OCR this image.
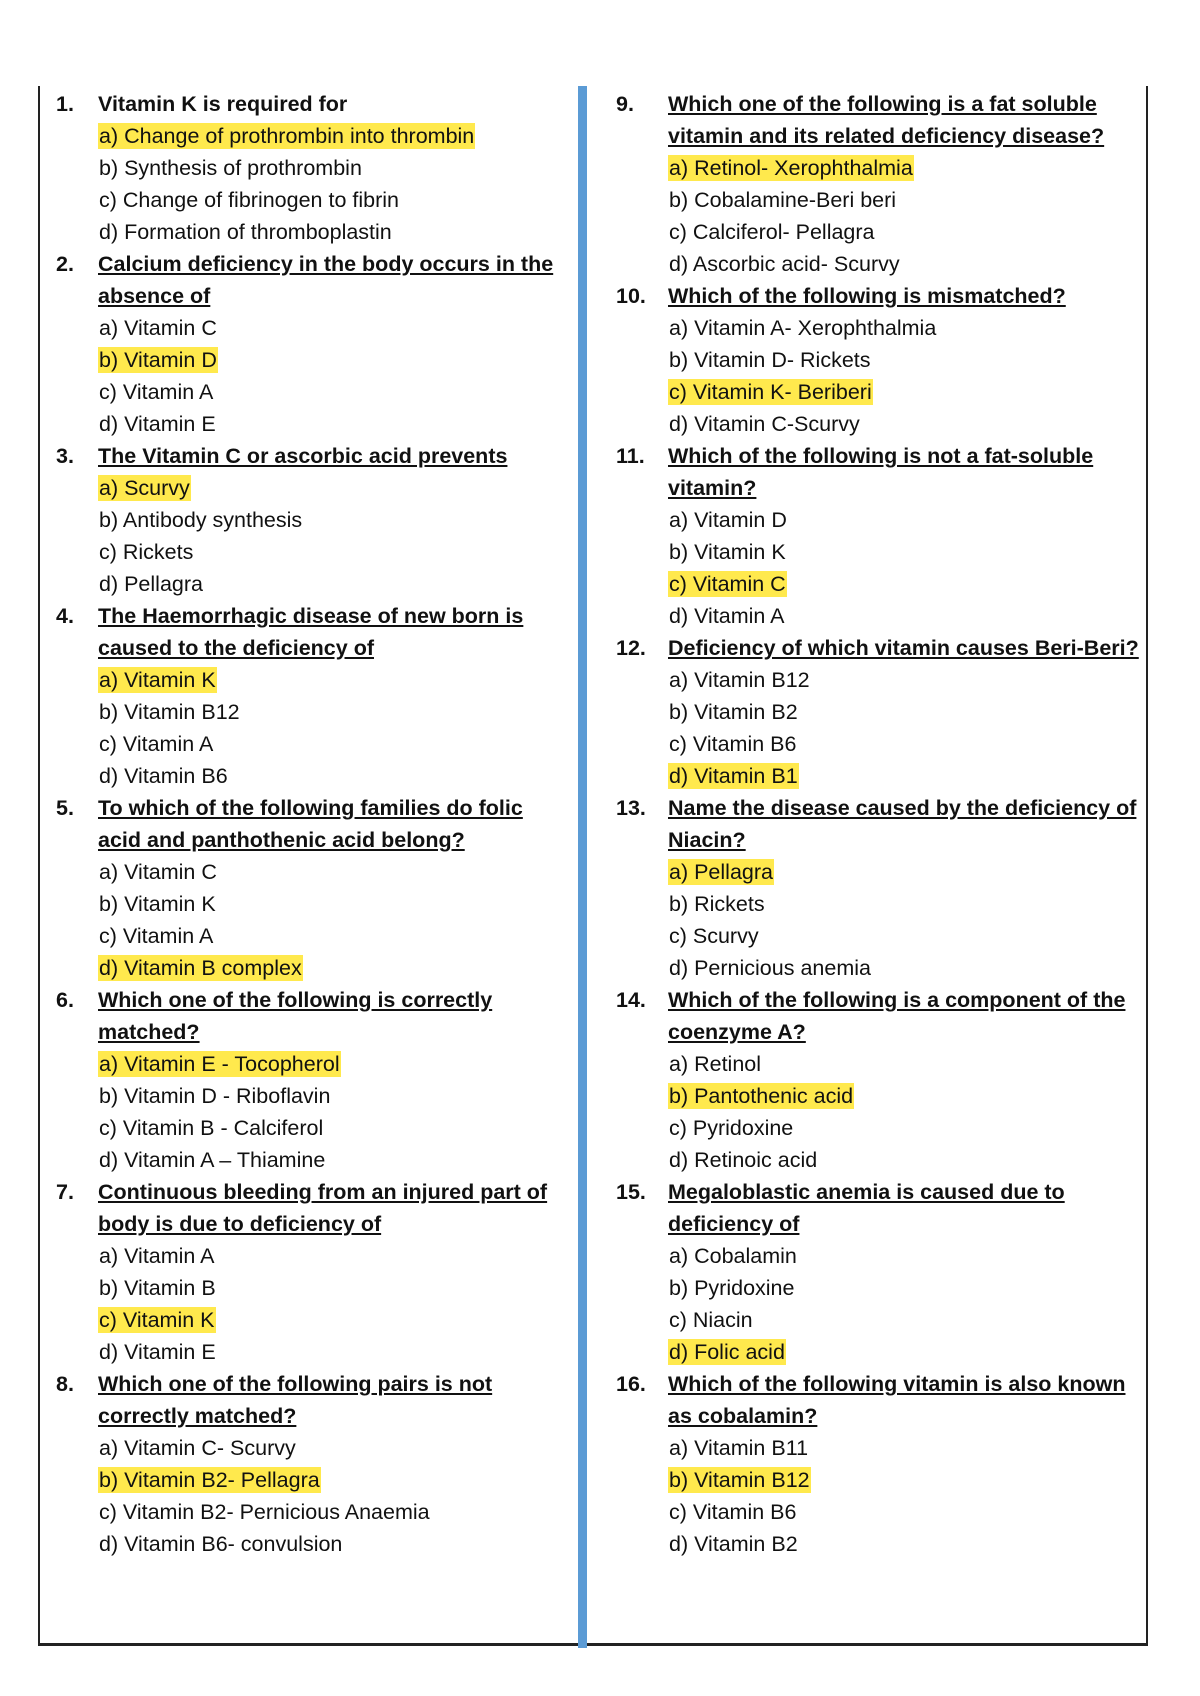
1. Vitamin K is required for
a) Change of prothrombin into thrombin
b) Synthesis of prothrombin
c) Change of fibrinogen to fibrin
d) Formation of thromboplastin
2. Calcium deficiency in the body occurs in the absence of
a) Vitamin C
b) Vitamin D
c) Vitamin A
d) Vitamin E
3. The Vitamin C or ascorbic acid prevents
a) Scurvy
b) Antibody synthesis
c) Rickets
d) Pellagra
4. The Haemorrhagic disease of new born is caused to the deficiency of
a) Vitamin K
b) Vitamin B12
c) Vitamin A
d) Vitamin B6
5. To which of the following families do folic acid and panthothenic acid belong?
a) Vitamin C
b) Vitamin K
c) Vitamin A
d) Vitamin B complex
6. Which one of the following is correctly matched?
a) Vitamin E - Tocopherol
b) Vitamin D - Riboflavin
c) Vitamin B - Calciferol
d) Vitamin A – Thiamine
7. Continuous bleeding from an injured part of body is due to deficiency of
a) Vitamin A
b) Vitamin B
c) Vitamin K
d) Vitamin E
8. Which one of the following pairs is not correctly matched?
a) Vitamin C- Scurvy
b) Vitamin B2- Pellagra
c) Vitamin B2- Pernicious Anaemia
d) Vitamin B6- convulsion
9. Which one of the following is a fat soluble vitamin and its related deficiency disease?
a) Retinol- Xerophthalmia
b) Cobalamine-Beri beri
c) Calciferol- Pellagra
d) Ascorbic acid- Scurvy
10. Which of the following is mismatched?
a) Vitamin A- Xerophthalmia
b) Vitamin D- Rickets
c) Vitamin K- Beriberi
d) Vitamin C-Scurvy
11. Which of the following is not a fat-soluble vitamin?
a) Vitamin D
b) Vitamin K
c) Vitamin C
d) Vitamin A
12. Deficiency of which vitamin causes Beri-Beri?
a) Vitamin B12
b) Vitamin B2
c) Vitamin B6
d) Vitamin B1
13. Name the disease caused by the deficiency of Niacin?
a) Pellagra
b) Rickets
c) Scurvy
d) Pernicious anemia
14. Which of the following is a component of the coenzyme A?
a) Retinol
b) Pantothenic acid
c) Pyridoxine
d) Retinoic acid
15. Megaloblastic anemia is caused due to deficiency of
a) Cobalamin
b) Pyridoxine
c) Niacin
d) Folic acid
16. Which of the following vitamin is also known as cobalamin?
a) Vitamin B11
b) Vitamin B12
c) Vitamin B6
d) Vitamin B2
